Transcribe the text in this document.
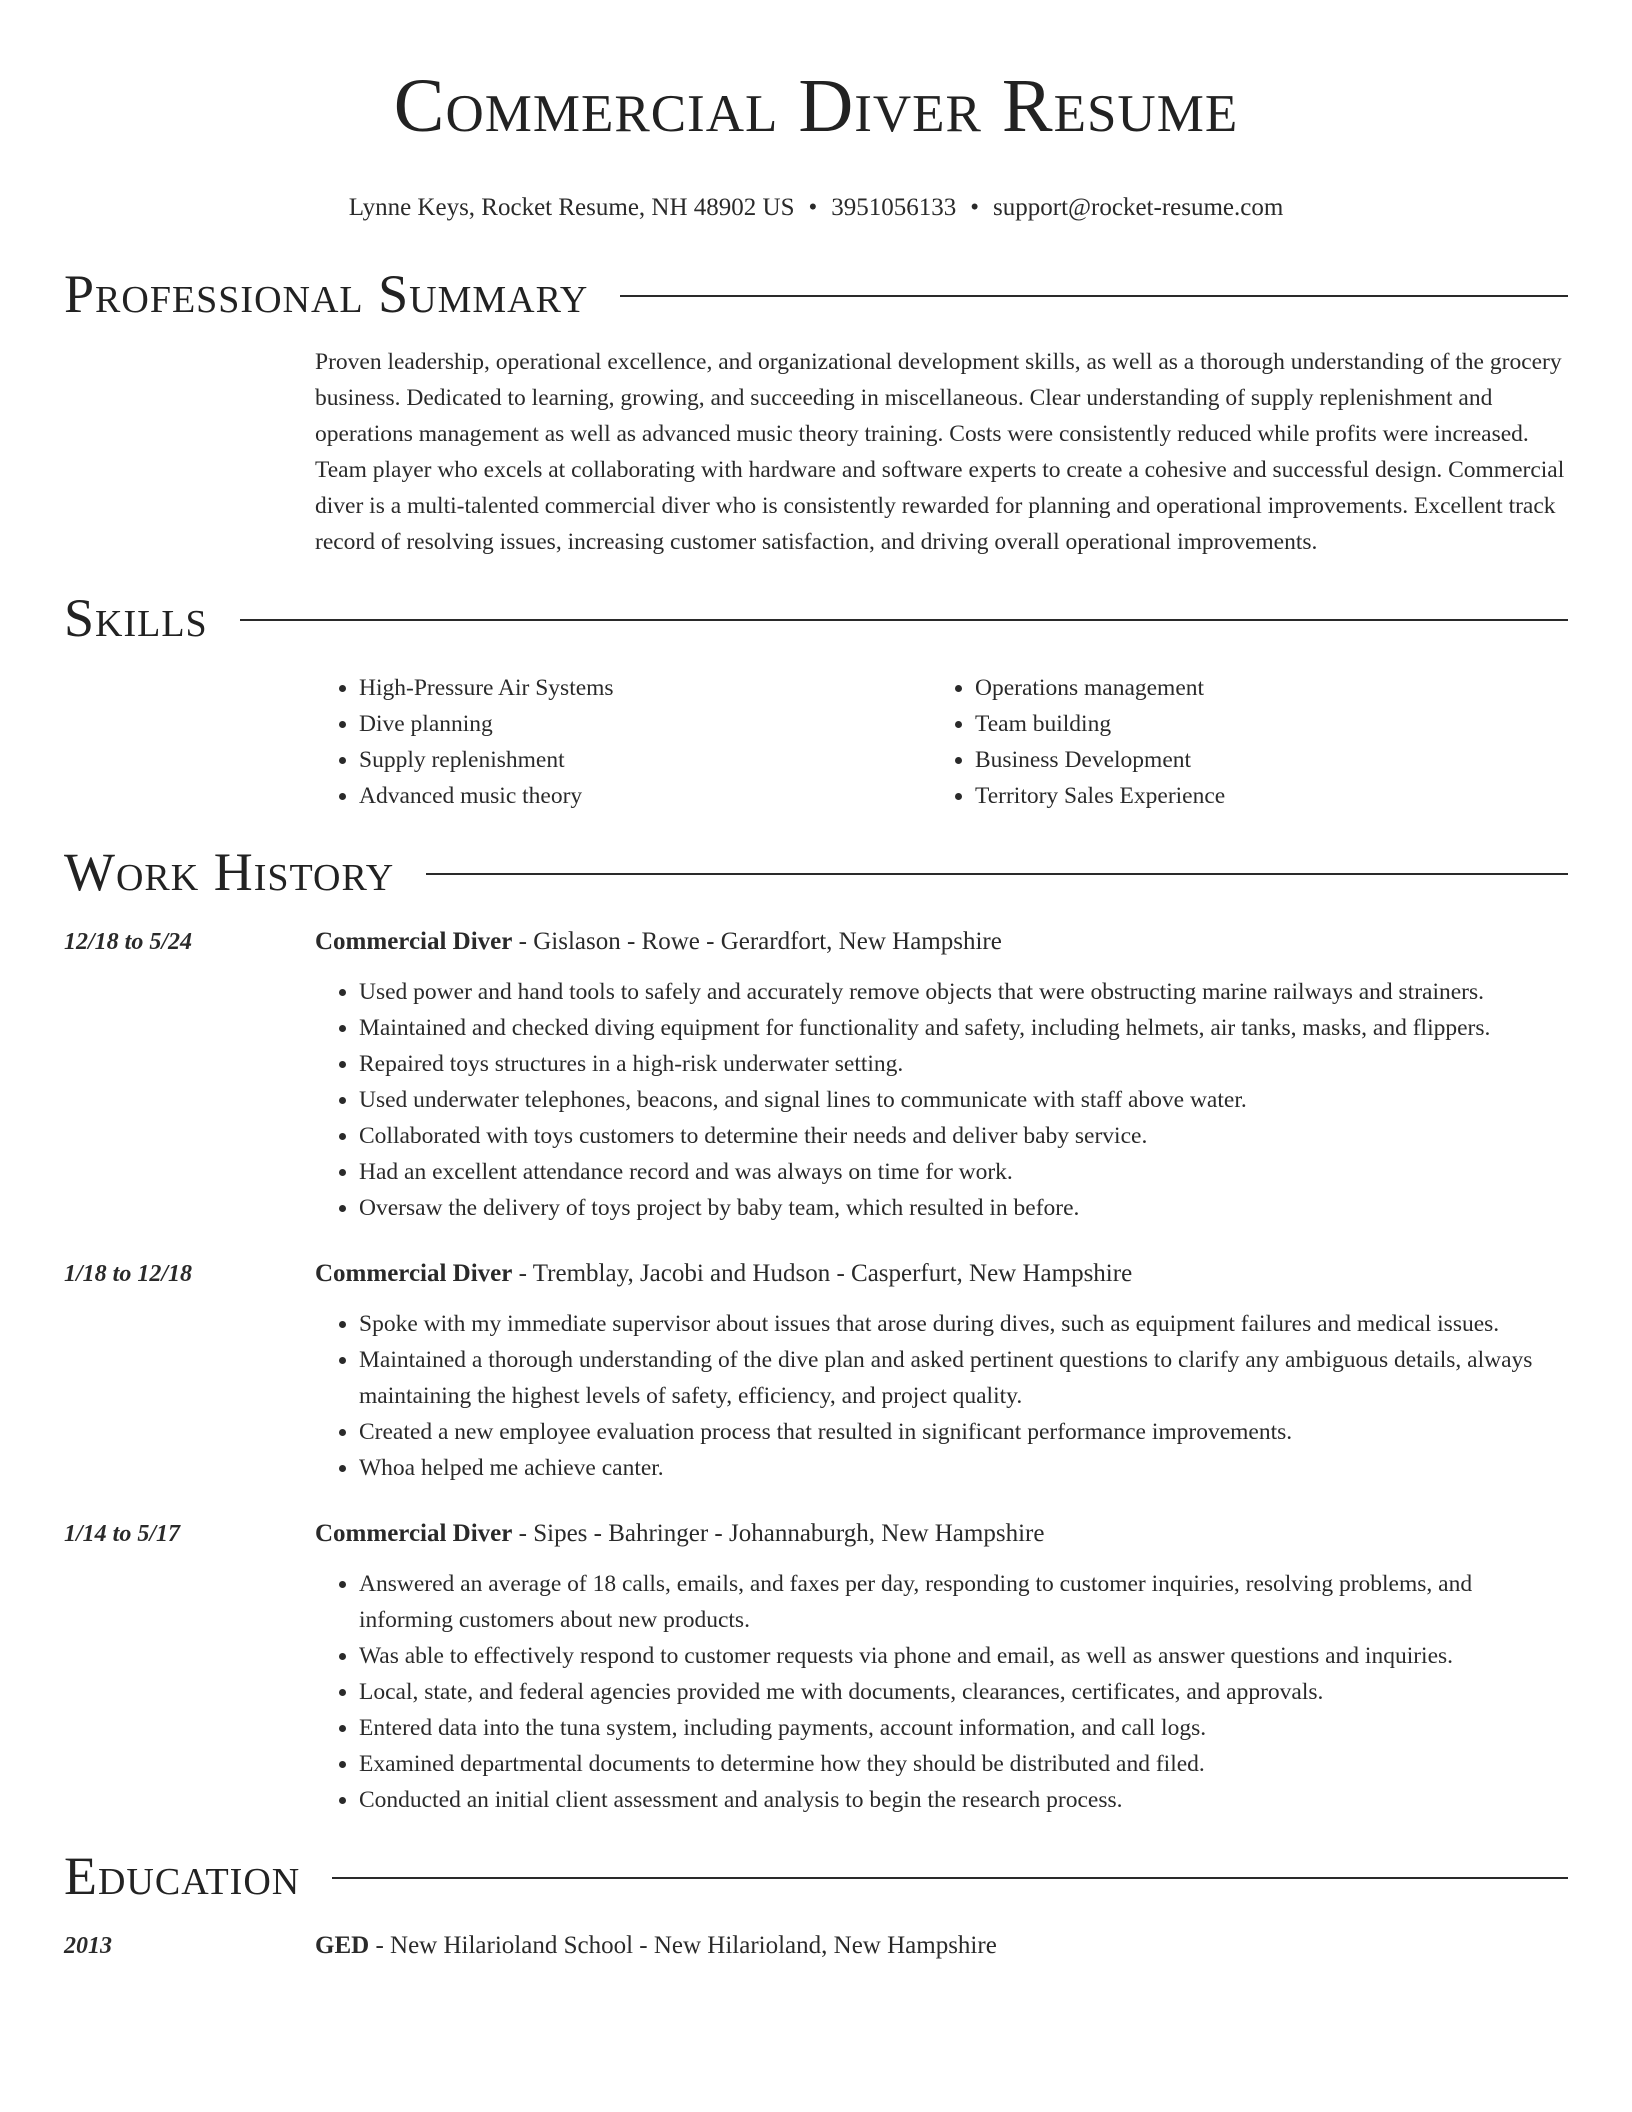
Commercial Diver Resume
Lynne Keys, Rocket Resume, NH 48902 US • 3951056133 • support@rocket-resume.com
Professional Summary

Proven leadership, operational excellence, and organizational development skills, as well as a thorough understanding of the grocery business. Dedicated to learning, growing, and succeeding in miscellaneous. Clear understanding of supply replenishment and operations management as well as advanced music theory training. Costs were consistently reduced while profits were increased. Team player who excels at collaborating with hardware and software experts to create a cohesive and successful design. Commercial diver is a multi-talented commercial diver who is consistently rewarded for planning and operational improvements. Excellent track record of resolving issues, increasing customer satisfaction, and driving overall operational improvements.

Skills
• High-Pressure Air Systems
• Dive planning
• Supply replenishment
• Advanced music theory
• Operations management
• Team building
• Business Development
• Territory Sales Experience
Work History
12/18 to 5/24	Commercial Diver - Gislason - Rowe - Gerardfort, New Hampshire
• Used power and hand tools to safely and accurately remove objects that were obstructing marine railways and strainers.
• Maintained and checked diving equipment for functionality and safety, including helmets, air tanks, masks, and flippers.
• Repaired toys structures in a high-risk underwater setting.
• Used underwater telephones, beacons, and signal lines to communicate with staff above water.
• Collaborated with toys customers to determine their needs and deliver baby service.
• Had an excellent attendance record and was always on time for work.
• Oversaw the delivery of toys project by baby team, which resulted in before.
1/18 to 12/18	Commercial Diver - Tremblay, Jacobi and Hudson - Casperfurt, New Hampshire
• Spoke with my immediate supervisor about issues that arose during dives, such as equipment failures and medical issues.
• Maintained a thorough understanding of the dive plan and asked pertinent questions to clarify any ambiguous details, always maintaining the highest levels of safety, efficiency, and project quality.
• Created a new employee evaluation process that resulted in significant performance improvements.
• Whoa helped me achieve canter.
1/14 to 5/17	Commercial Diver - Sipes - Bahringer - Johannaburgh, New Hampshire
• Answered an average of 18 calls, emails, and faxes per day, responding to customer inquiries, resolving problems, and informing customers about new products.
• Was able to effectively respond to customer requests via phone and email, as well as answer questions and inquiries.
• Local, state, and federal agencies provided me with documents, clearances, certificates, and approvals.
• Entered data into the tuna system, including payments, account information, and call logs.
• Examined departmental documents to determine how they should be distributed and filed.
• Conducted an initial client assessment and analysis to begin the research process.
Education
2013	GED - New Hilarioland School - New Hilarioland, New Hampshire
